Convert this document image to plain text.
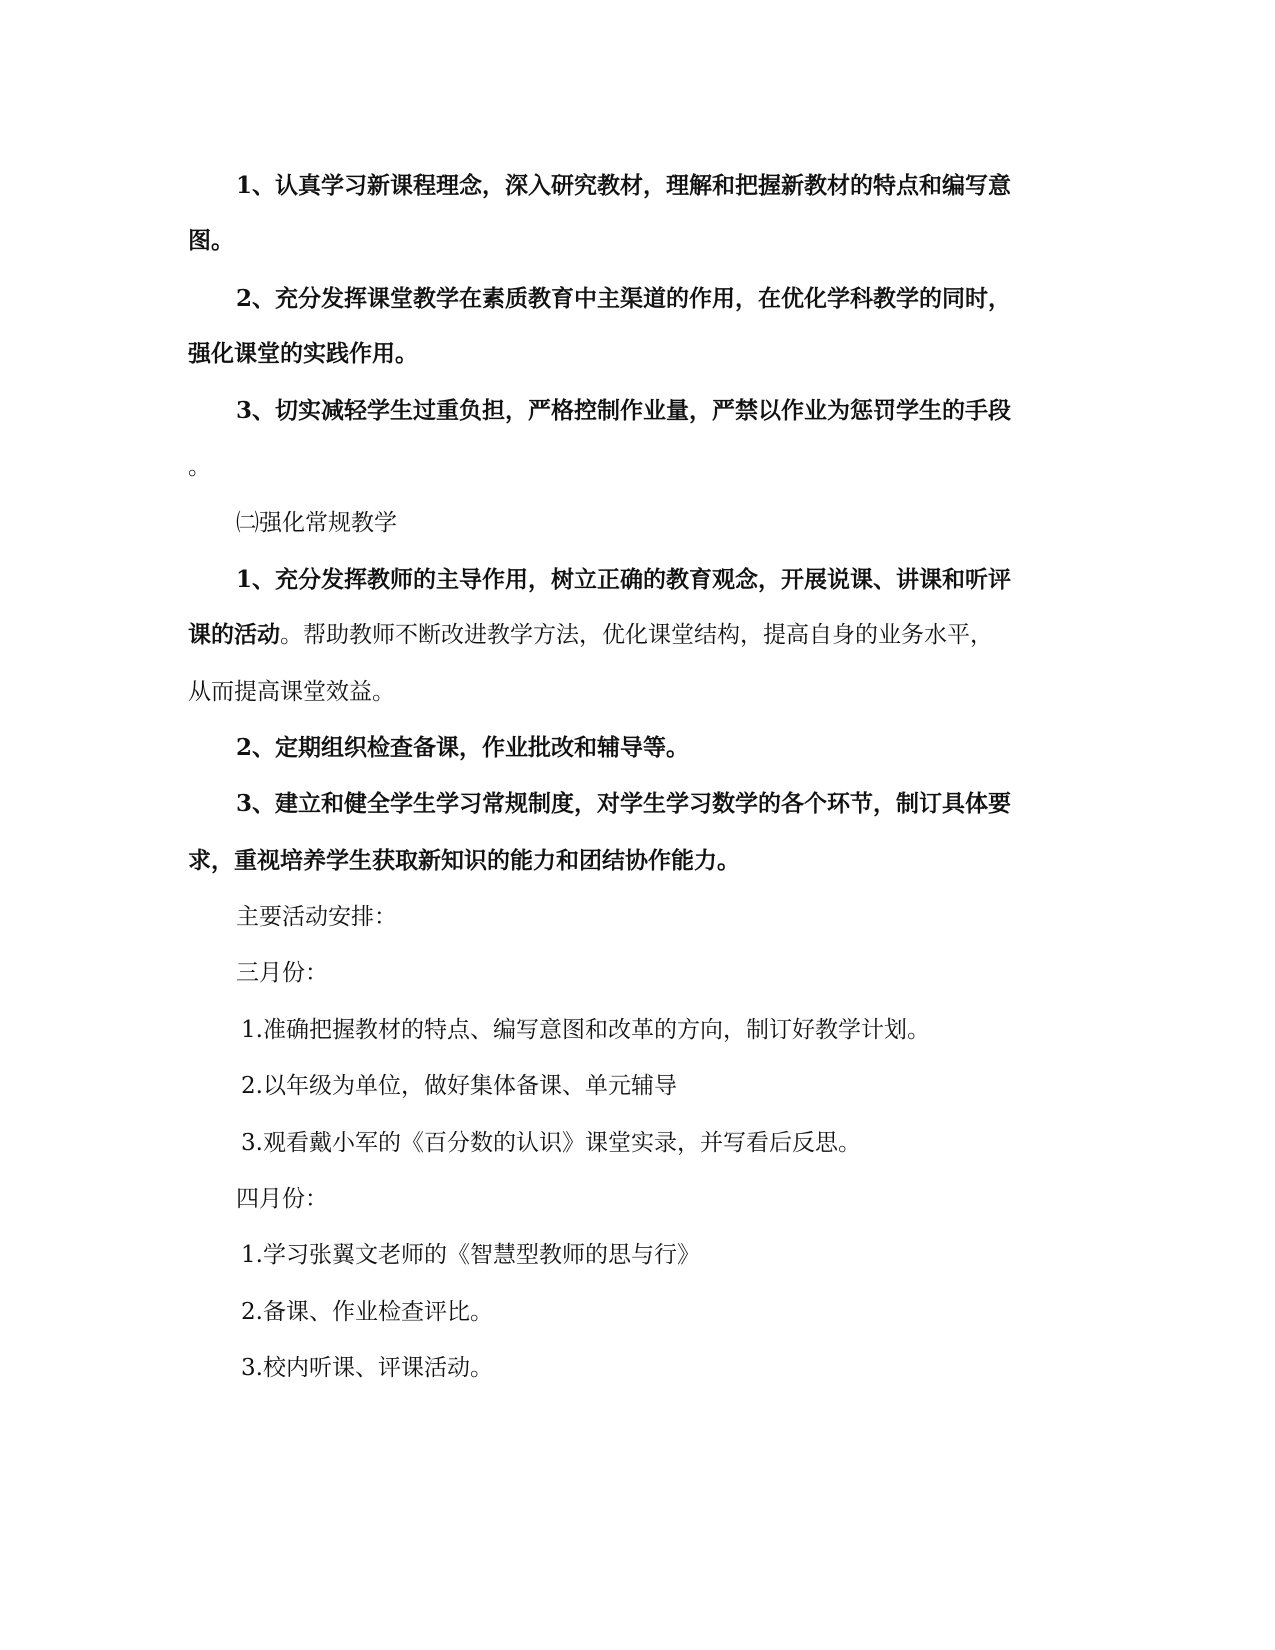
1、认真学习新课程理念，深入研究教材，理解和把握新教材的特点和编写意
图。
2、充分发挥课堂教学在素质教育中主渠道的作用，在优化学科教学的同时，
强化课堂的实践作用。
3、切实减轻学生过重负担，严格控制作业量，严禁以作业为惩罚学生的手段
。
㈡强化常规教学
1、充分发挥教师的主导作用，树立正确的教育观念，开展说课、讲课和听评
课的活动。帮助教师不断改进教学方法，优化课堂结构，提高自身的业务水平，
从而提高课堂效益。
2、定期组织检查备课，作业批改和辅导等。
3、建立和健全学生学习常规制度，对学生学习数学的各个环节，制订具体要
求，重视培养学生获取新知识的能力和团结协作能力。
主要活动安排：
三月份：
1.准确把握教材的特点、编写意图和改革的方向，制订好教学计划。
2.以年级为单位，做好集体备课、单元辅导
3.观看戴小军的《百分数的认识》课堂实录，并写看后反思。
四月份：
1.学习张翼文老师的《智慧型教师的思与行》
2.备课、作业检查评比。
3.校内听课、评课活动。
